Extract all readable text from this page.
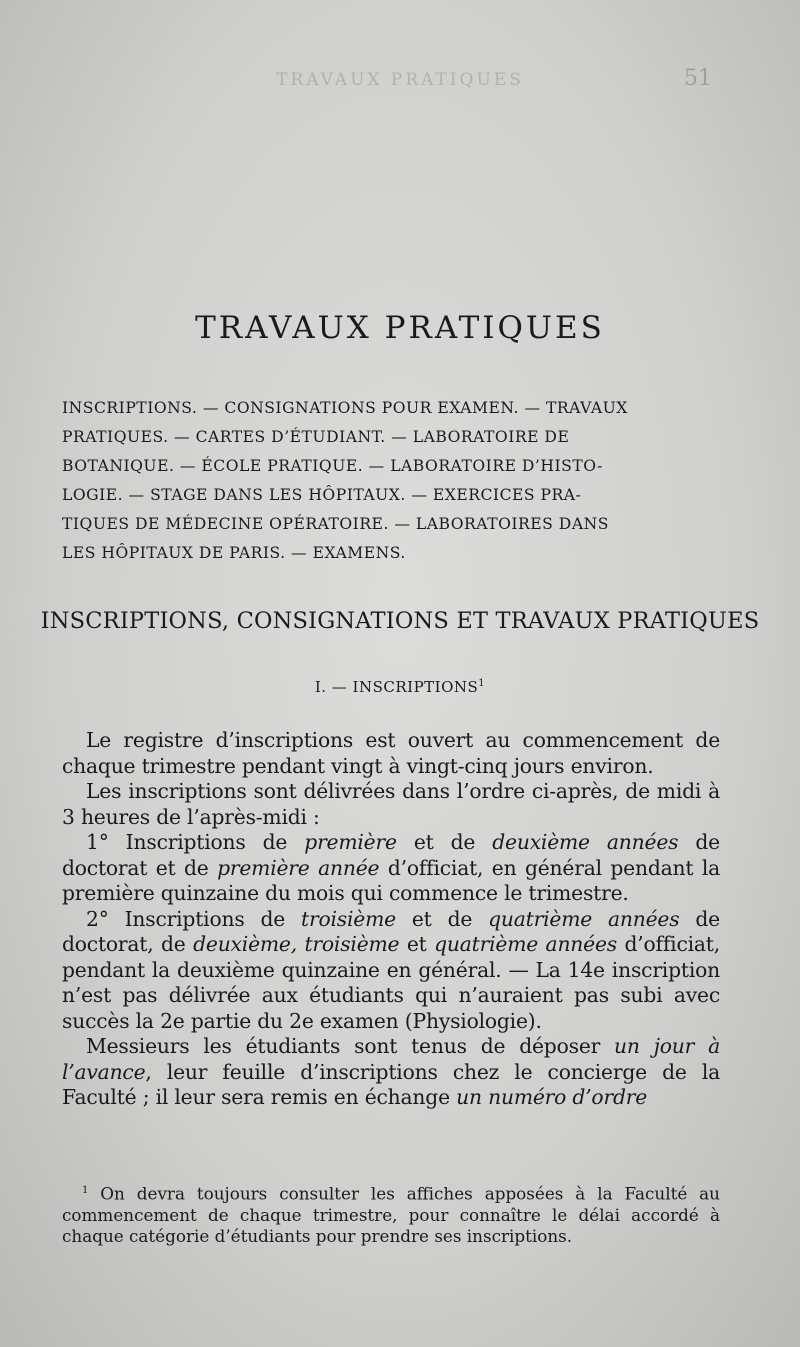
TRAVAUX PRATIQUES	51
TRAVAUX PRATIQUES
INSCRIPTIONS. — CONSIGNATIONS POUR EXAMEN. — TRAVAUX
PRATIQUES. — CARTES D’ÉTUDIANT. — LABORATOIRE DE
BOTANIQUE. — ÉCOLE PRATIQUE. — LABORATOIRE D’HISTO-
LOGIE. — STAGE DANS LES HÔPITAUX. — EXERCICES PRA-
TIQUES DE MÉDECINE OPÉRATOIRE. — LABORATOIRES DANS
LES HÔPITAUX DE PARIS. — EXAMENS.
INSCRIPTIONS, CONSIGNATIONS ET TRAVAUX PRATIQUES
I. — INSCRIPTIONS$^1$

Le registre d’inscriptions est ouvert au commencement de chaque trimestre pendant vingt à vingt-cinq jours environ.

Les inscriptions sont délivrées dans l’ordre ci-après, de midi à 3 heures de l’après-midi :

1° Inscriptions de première et de deuxième années de doctorat et de première année d’officiat, en général pendant la première quinzaine du mois qui commence le trimestre.

2° Inscriptions de troisième et de quatrième années de doctorat, de deuxième, troisième et quatrième années d’officiat, pendant la deuxième quinzaine en général. — La 14e inscription n’est pas délivrée aux étudiants qui n’auraient pas subi avec succès la 2e partie du 2e examen (Physiologie).

Messieurs les étudiants sont tenus de déposer un jour à l’avance, leur feuille d’inscriptions chez le concierge de la Faculté ; il leur sera remis en échange un numéro d’ordre

$^1$ On devra toujours consulter les affiches apposées à la Faculté au commencement de chaque trimestre, pour connaître le délai accordé à chaque catégorie d’étudiants pour prendre ses inscriptions.
